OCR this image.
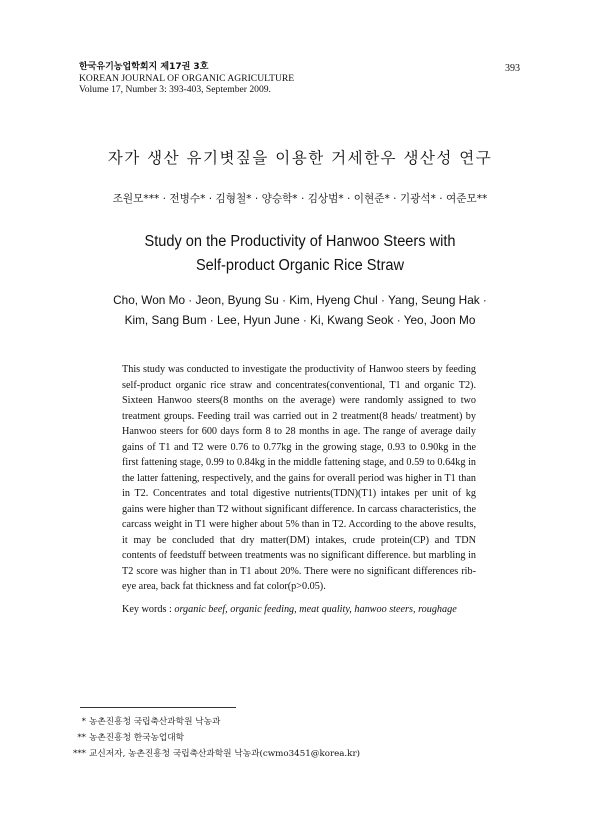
한국유기농업학회지 제17권 3호
KOREAN JOURNAL OF ORGANIC AGRICULTURE
Volume 17, Number 3: 393-403, September 2009.
393
자가 생산 유기볏짚을 이용한 거세한우 생산성 연구
조원모*** · 전병수* · 김형철* · 양승학* · 김상범* · 이현준* · 기광석* · 여준모**
Study on the Productivity of Hanwoo Steers with
Self-product Organic Rice Straw
Cho, Won Mo · Jeon, Byung Su · Kim, Hyeng Chul · Yang, Seung Hak ·
Kim, Sang Bum · Lee, Hyun June · Ki, Kwang Seok · Yeo, Joon Mo
This study was conducted to investigate the productivity of Hanwoo steers by feeding self-product organic rice straw and concentrates(conventional, T1 and organic T2). Sixteen Hanwoo steers(8 months on the average) were randomly assigned to two treatment groups. Feeding trail was carried out in 2 treatment(8 heads/ treatment) by Hanwoo steers for 600 days form 8 to 28 months in age. The range of average daily gains of T1 and T2 were 0.76 to 0.77kg in the growing stage, 0.93 to 0.90kg in the first fattening stage, 0.99 to 0.84kg in the middle fattening stage, and 0.59 to 0.64kg in the latter fattening, respectively, and the gains for overall period was higher in T1 than in T2. Concentrates and total digestive nutrients(TDN)(T1) intakes per unit of kg gains were higher than T2 without significant difference. In carcass characteristics, the carcass weight in T1 were higher about 5% than in T2. According to the above results, it may be concluded that dry matter(DM) intakes, crude protein(CP) and TDN contents of feedstuff between treatments was no significant difference. but marbling in T2 score was higher than in T1 about 20%. There were no significant differences rib-eye area, back fat thickness and fat color(p>0.05).
Key words : organic beef, organic feeding, meat quality, hanwoo steers, roughage
* 농촌진흥청 국립축산과학원 낙농과
** 농촌진흥청 한국농업대학
*** 교신저자, 농촌진흥청 국립축산과학원 낙농과(cwmo3451@korea.kr)
